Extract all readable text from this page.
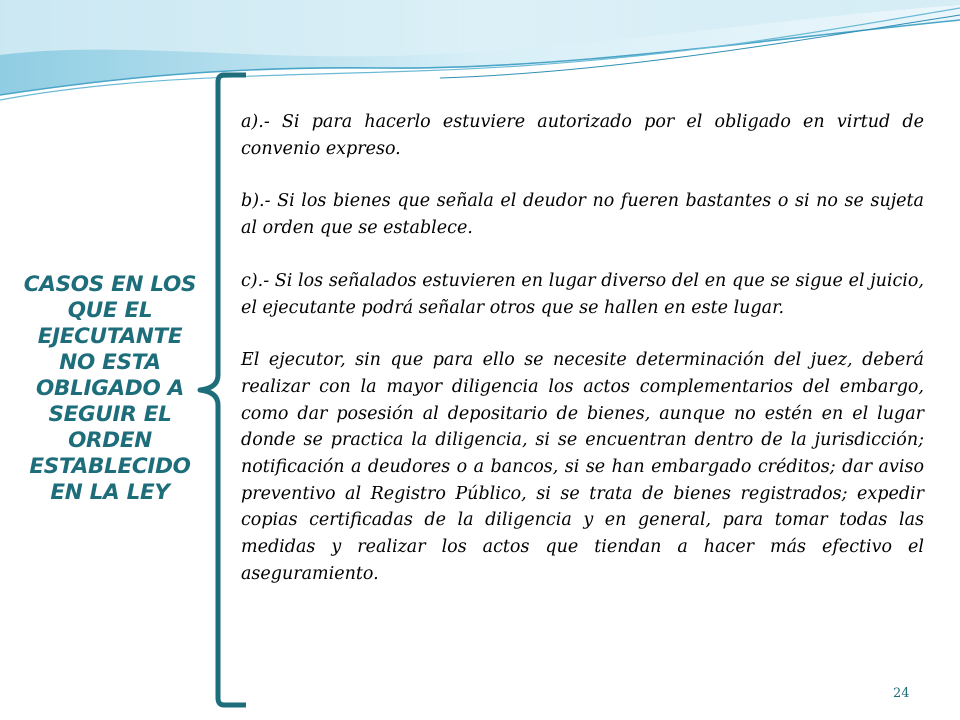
CASOS EN LOS QUE EL EJECUTANTE NO ESTA OBLIGADO A SEGUIR EL ORDEN ESTABLECIDO EN LA LEY

a).- Si para hacerlo estuviere autorizado por el obligado en virtud de convenio expreso.

b).- Si los bienes que señala el deudor no fueren bastantes o si no se sujeta al orden que se establece.

c).- Si los señalados estuvieren en lugar diverso del en que se sigue el juicio, el ejecutante podrá señalar otros que se hallen en este lugar.

El ejecutor, sin que para ello se necesite determinación del juez, deberá realizar con la mayor diligencia los actos complementarios del embargo, como dar posesión al depositario de bienes, aunque no estén en el lugar donde se practica la diligencia, si se encuentran dentro de la jurisdicción; notificación a deudores o a bancos, si se han embargado créditos; dar aviso preventivo al Registro Público, si se trata de bienes registrados; expedir copias certificadas de la diligencia y en general, para tomar todas las medidas y realizar los actos que tiendan a hacer más efectivo el aseguramiento.

24
